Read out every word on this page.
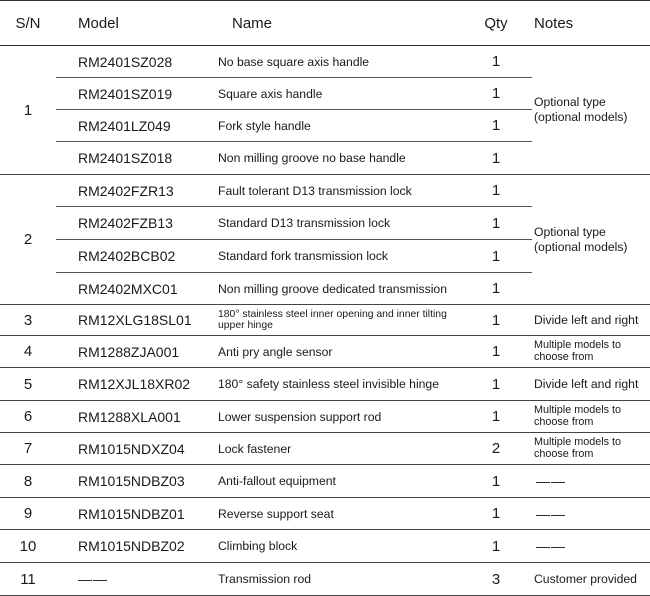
S/N	Model	Name	Qty	Notes
1	RM2401SZ028	No base square axis handle	1	Optional type
(optional models)

	RM2401SZ019	Square axis handle	1	
	RM2401LZ049	Fork style handle	1	
	RM2401SZ018	Non milling groove no base handle	1	
2	RM2402FZR13	Fault tolerant D13 transmission lock	1	Optional type
(optional models)

	RM2402FZB13	Standard D13 transmission lock	1	
	RM2402BCB02	Standard fork transmission lock	1	
	RM2402MXC01	Non milling groove dedicated transmission	1	
3	RM12XLG18SL01	180° stainless steel inner opening and inner tilting upper hinge	1	Divide left and right
4	RM1288ZJA001	Anti pry angle sensor	1	Multiple models to choose from
5	RM12XJL18XR02	180° safety stainless steel invisible hinge	1	Divide left and right
6	RM1288XLA001	Lower suspension support rod	1	Multiple models to choose from
7	RM1015NDXZ04	Lock fastener	2	Multiple models to choose from
8	RM1015NDBZ03	Anti-fallout equipment	1	——
9	RM1015NDBZ01	Reverse support seat	1	——
10	RM1015NDBZ02	Climbing block	1	——
11	——	Transmission rod	3	Customer provided
